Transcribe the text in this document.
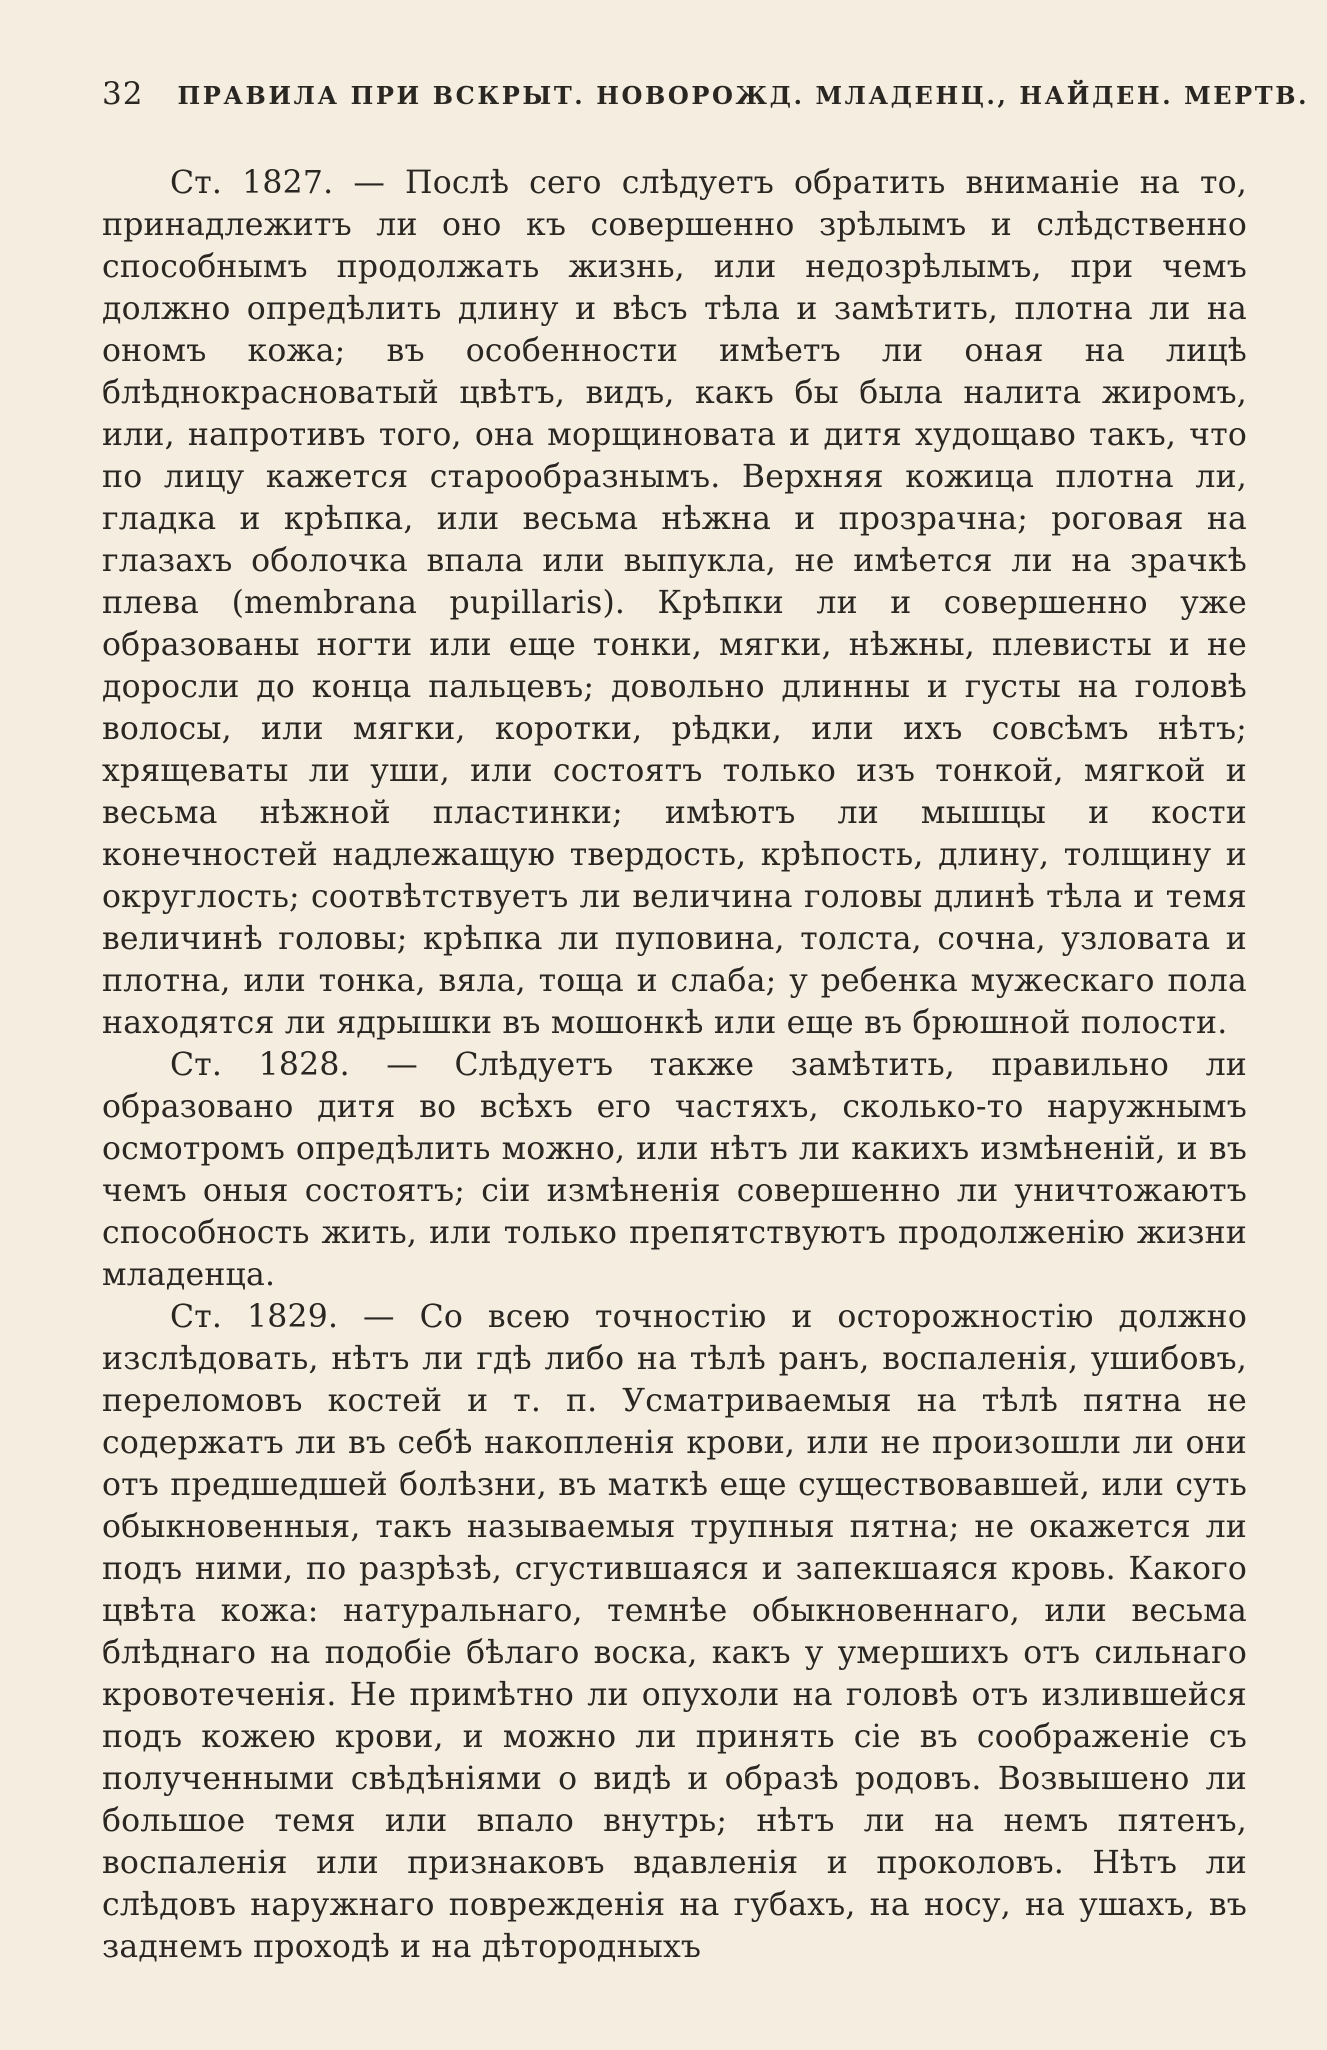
32 ПРАВИЛА ПРИ ВСКРЫТ. НОВОРОЖД. МЛАДЕНЦ., НАЙДЕН. МЕРТВ.

Ст. 1827. — Послѣ сего слѣдуетъ обратить вниманіе на то, принадлежитъ ли оно къ совершенно зрѣлымъ и слѣдственно способнымъ продолжать жизнь, или недозрѣлымъ, при чемъ должно опредѣлить длину и вѣсъ тѣла и замѣтить, плотна ли на ономъ кожа; въ особенности имѣетъ ли оная на лицѣ блѣднокрасноватый цвѣтъ, видъ, какъ бы была налита жиромъ, или, напротивъ того, она морщиновата и дитя худощаво такъ, что по лицу кажется старообразнымъ. Верхняя кожица плотна ли, гладка и крѣпка, или весьма нѣжна и прозрачна; роговая на глазахъ оболочка впала или выпукла, не имѣется ли на зрачкѣ плева (membrana pupillaris). Крѣпки ли и совершенно уже образованы ногти или еще тонки, мягки, нѣжны, плевисты и не доросли до конца пальцевъ; довольно длинны и густы на головѣ волосы, или мягки, коротки, рѣдки, или ихъ совсѣмъ нѣтъ; хрящеваты ли уши, или состоятъ только изъ тонкой, мягкой и весьма нѣжной пластинки; имѣютъ ли мышцы и кости конечностей надлежащую твердость, крѣпость, длину, толщину и округлость; соотвѣтствуетъ ли величина головы длинѣ тѣла и темя величинѣ головы; крѣпка ли пуповина, толста, сочна, узловата и плотна, или тонка, вяла, тоща и слаба; у ребенка мужескаго пола находятся ли ядрышки въ мошонкѣ или еще въ брюшной полости.

Ст. 1828. — Слѣдуетъ также замѣтить, правильно ли образовано дитя во всѣхъ его частяхъ, сколько-то наружнымъ осмотромъ опредѣлить можно, или нѣтъ ли какихъ измѣненій, и въ чемъ оныя состоятъ; сіи измѣненія совершенно ли уничтожаютъ способность жить, или только препятствуютъ продолженію жизни младенца.

Ст. 1829. — Со всею точностію и осторожностію должно изслѣдовать, нѣтъ ли гдѣ либо на тѣлѣ ранъ, воспаленія, ушибовъ, переломовъ костей и т. п. Усматриваемыя на тѣлѣ пятна не содержатъ ли въ себѣ накопленія крови, или не произошли ли они отъ предшедшей болѣзни, въ маткѣ еще существовавшей, или суть обыкновенныя, такъ называемыя трупныя пятна; не окажется ли подъ ними, по разрѣзѣ, сгустившаяся и запекшаяся кровь. Какого цвѣта кожа: натуральнаго, темнѣе обыкновеннаго, или весьма блѣднаго на подобіе бѣлаго воска, какъ у умершихъ отъ сильнаго кровотеченія. Не примѣтно ли опухоли на головѣ отъ излившейся подъ кожею крови, и можно ли принять сіе въ соображеніе съ полученными свѣдѣніями о видѣ и образѣ родовъ. Возвышено ли большое темя или впало внутрь; нѣтъ ли на немъ пятенъ, воспаленія или признаковъ вдавленія и проколовъ. Нѣтъ ли слѣдовъ наружнаго поврежденія на губахъ, на носу, на ушахъ, въ заднемъ проходѣ и на дѣтородныхъ
